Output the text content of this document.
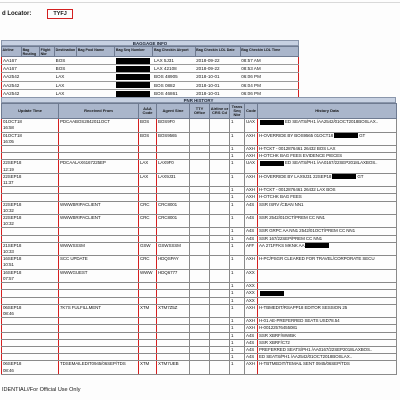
d Locator:	TYFJ
BAGGAGE INFO
Airline	Bag Routing	Flight Nbr	Destination	Bag Pool Name	Bag Seq Number	Bag Checkin Airport	Bag Checkin LDL Date	Bag Checkin LDL Time
AA167			BOS			LAX 5J31	2018-09-22	08:57 AM
AA167			BOS			LAX 42108	2018-09-22	08:53 AM
AA2542			LAX			BOS 48905	2018-10-01	06:06 PM
AA2542			LAX			BOS 0882	2018-10-01	06:04 PM
AA2542			LAX			BOS 46861	2018-10-01	06:06 PM
PNR HISTORY
Update Time	Received From	AAA Code	Agent Sine	TTY Office	Airline or CRS Cd	Trans Seq Nbr	Code	History Data

01OCT18 16:58	PDCAABOS2842011OCT	BOS	BOS9F0			1	UAX	ED SEATS/PH1 /AA2542/01OCT2018BOSLAX..

01OCT18 16:05		BOS	BOS9565			1	AXH	H-OVERRIDE BY BOS9565 01OCT18 GT
						1	AXH	H-TCKT - 0012876461 26432 BOS LAX
						1	AXH	H-OTCHK BAG FEES EVIDENCE PIECES

22SEP18 12:19	PDCAALAX6167225EP	LAX	LAX9F0			1	UAX	ED SEATS/PH1 /AA0167/22SEP2018LAXBOS..

22SEP18 11:37		LAX	LAX9J31			1	AXH	H-OVERRIDE BY LAX9J31 22SEP18 GT
						1	AXH	H-TCKT - 0012876461 26432 LAX BOS
						1	AXH	H-OTCHK BAG FEES

22SEP18 10:32	WWWBRIPACLIENT	CRC	CRC8001			1	A4S	SSR ISRV /CBAN NN1

22SEP18 10:32	WWWBRIPACLIENT	CRC	CRC8001			1	A4S	SSR 2542/01OCT/PREM CC NN1
						1	A4S	SSR GRPC AA NN1 2542/01OCT/PREM CC NN1
						1	A4S	SSR 167/22SEP/PREM CC NN1

21SEP18 10:33	WWWSSSM	GSW	GSWSSSM			1	AFF	AA 271FFKS MKNK AA

16SEP18 10:51	SCC UPDATE	CRC	HDQSPAY			1	AXH	H-PC/PSGR CLEARED FOR TRAVEL/CORPORATE SECU

16SEP18 07:57	WWWGUEST	WWW	HDQ6777			1	AXX	
						1	AXX	
						1	AXX	
						1	AXX	

06SEP18 08:46	7K7S FULFILLMENT	XTM	XTM7Z5Z			1	AXH	H-TBMEDIT/RSAPP18 EDITOR SESSION 25
						1	AXH	H-01 AE-PREFERRED SEATS USD78.54
						1	AXH	H-00122576455081
						1	A4S	SSR XBRF/WWBK
						1	A4S	SSR XBRF/C72
						1	A4S	PREFERRED SEATS/PH1 /AA0167/22SEP2018LAXBOS..
						1	A4S	ED SEATS/PH1 /AA2542/01OCT2018BOSLAX..

06SEP18 08:46	TDSEMAILEDIT0945/06SEP/TDS	XTM	XTM7UEB			1	AXH	H-TBTMEDIT/TEMAIL SENT 0945/06SEP/TDS
IDENTIAL//For Official Use Only
